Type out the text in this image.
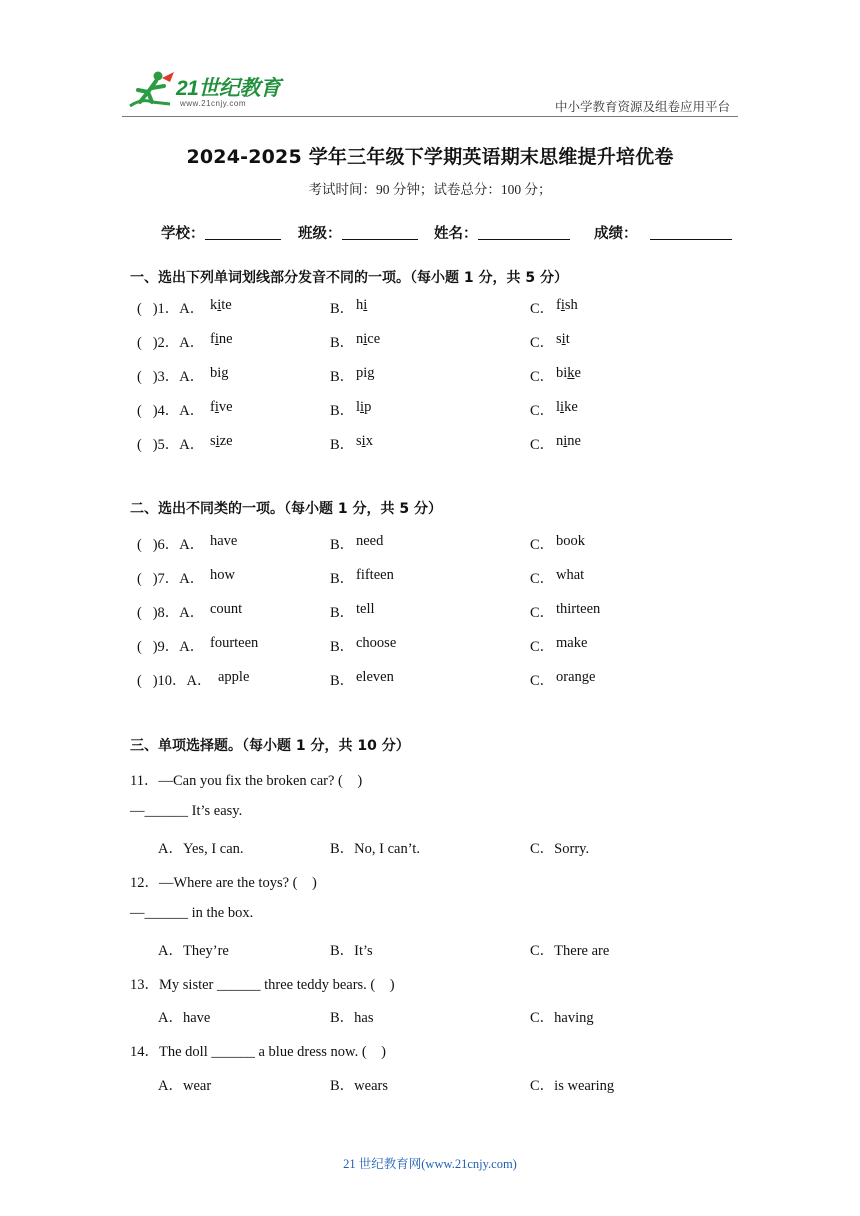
21世纪教育
www.21cnjy.com	中小学教育资源及组卷应用平台
2024-2025 学年三年级下学期英语期末思维提升培优卷
考试时间：90 分钟；试卷总分：100 分；
学校：	班级：	姓名：	成绩：
一、选出下列单词划线部分发音不同的一项。（每小题 1 分，共 5 分）
(   )1．A． kite	B． hi	C． fish
(   )2．A． fine	B． nice	C． sit
(   )3．A． big	B． pig	C． bike
(   )4．A． five	B． lip	C． like
(   )5．A． size	B． six	C． nine
二、选出不同类的一项。（每小题 1 分，共 5 分）
(   )6．A． have	B． need	C． book
(   )7．A． how	B． fifteen	C． what
(   )8．A． count	B． tell	C． thirteen
(   )9．A． fourteen	B． choose	C． make
(   )10．A． apple	B． eleven	C． orange
三、单项选择题。（每小题 1 分，共 10 分）
11．—Can you fix the broken car? (    )
—______ It’s easy.
A．Yes, I can.	B．No, I can’t.	C．Sorry.
12．—Where are the toys? (    )
—______ in the box.
A．They’re	B．It’s	C．There are
13．My sister ______ three teddy bears. (    )
A．have	B．has	C．having
14．The doll ______ a blue dress now. (    )
A．wear	B．wears	C．is wearing
21 世纪教育网(www.21cnjy.com)
